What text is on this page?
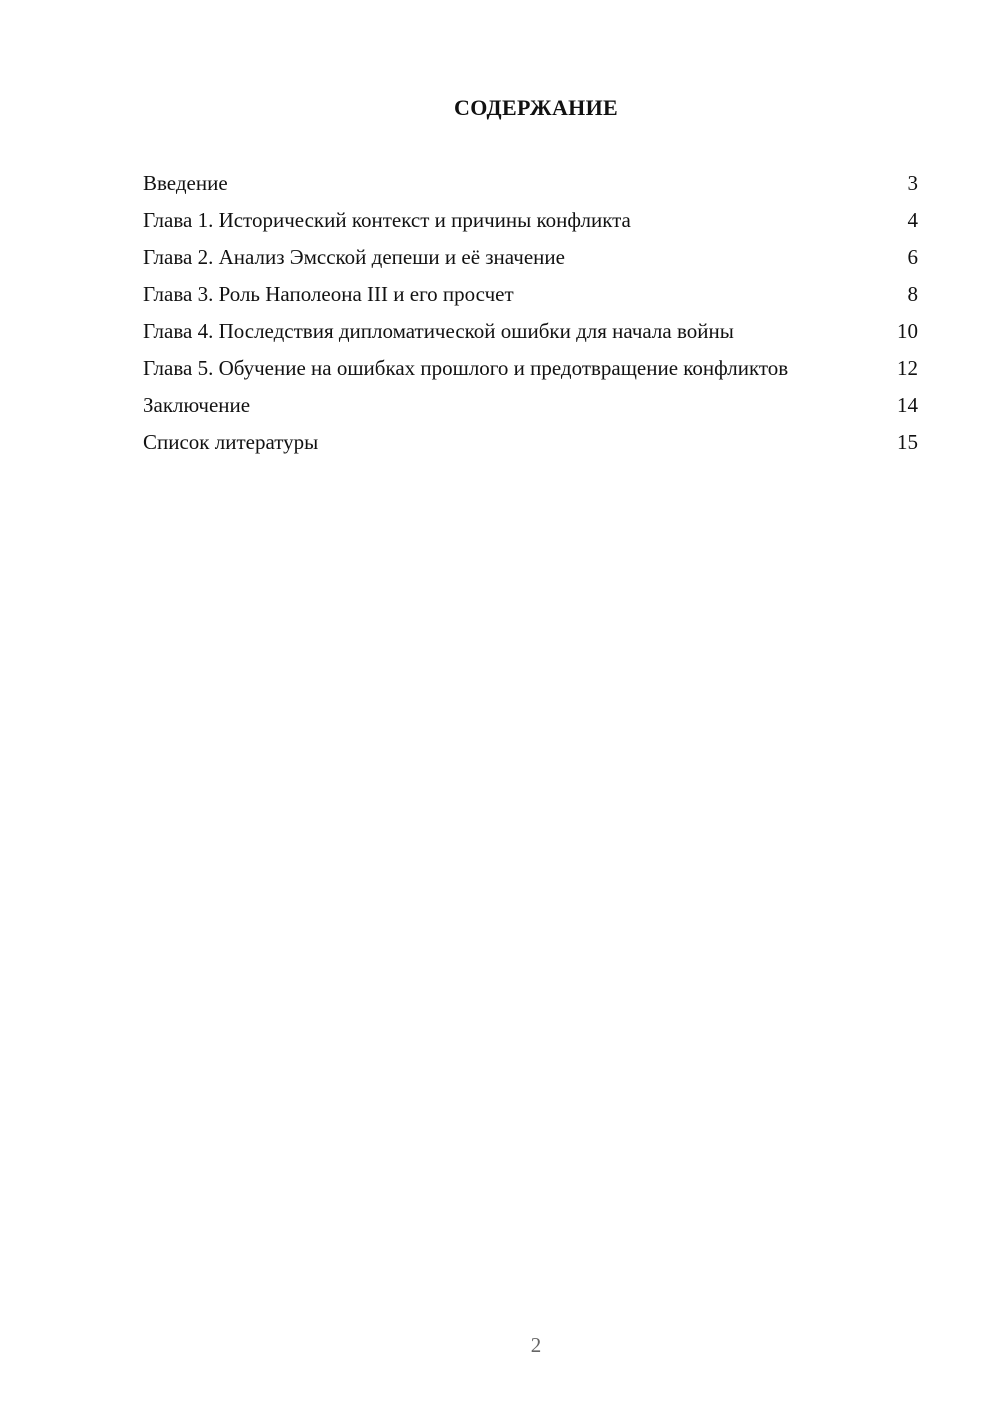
СОДЕРЖАНИЕ
Введение	3
Глава 1. Исторический контекст и причины конфликта	4
Глава 2. Анализ Эмсской депеши и её значение	6
Глава 3. Роль Наполеона III и его просчет	8
Глава 4. Последствия дипломатической ошибки для начала войны	10
Глава 5. Обучение на ошибках прошлого и предотвращение конфликтов	12
Заключение	14
Список литературы	15
2
